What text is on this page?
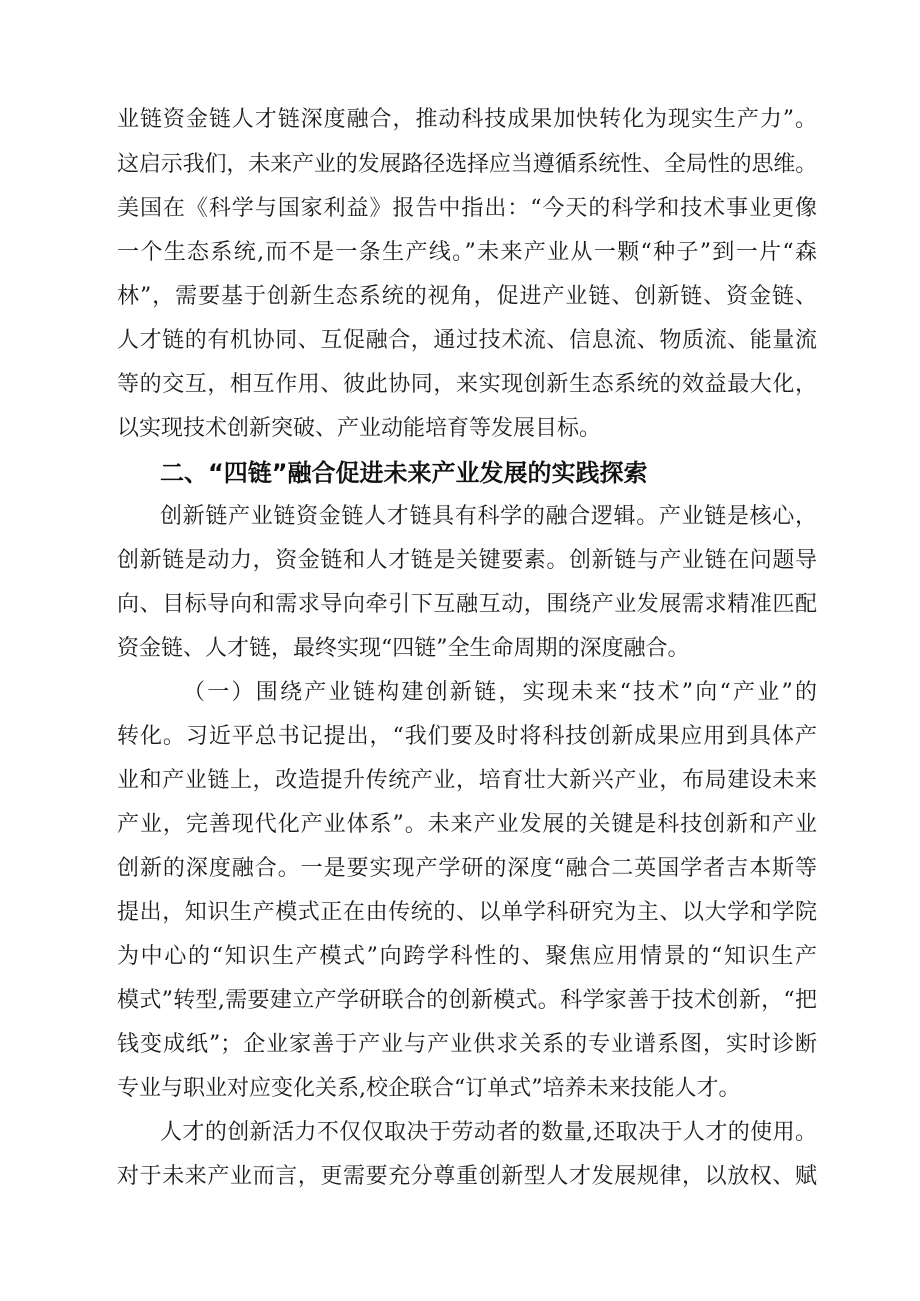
业链资金链人才链深度融合，推动科技成果加快转化为现实生产力”。
这启示我们，未来产业的发展路径选择应当遵循系统性、全局性的思维。
美国在《科学与国家利益》报告中指出：“今天的科学和技术事业更像
一个生态系统,而不是一条生产线。”未来产业从一颗“种子”到一片“森
林”，需要基于创新生态系统的视角，促进产业链、创新链、资金链、
人才链的有机协同、互促融合，通过技术流、信息流、物质流、能量流
等的交互，相互作用、彼此协同，来实现创新生态系统的效益最大化，
以实现技术创新突破、产业动能培育等发展目标。
二、“四链”融合促进未来产业发展的实践探索
创新链产业链资金链人才链具有科学的融合逻辑。产业链是核心，
创新链是动力，资金链和人才链是关键要素。创新链与产业链在问题导
向、目标导向和需求导向牵引下互融互动，围绕产业发展需求精准匹配
资金链、人才链，最终实现“四链”全生命周期的深度融合。
（一）围绕产业链构建创新链，实现未来“技术”向“产业”的
转化。习近平总书记提出，“我们要及时将科技创新成果应用到具体产
业和产业链上，改造提升传统产业，培育壮大新兴产业，布局建设未来
产业，完善现代化产业体系”。未来产业发展的关键是科技创新和产业
创新的深度融合。一是要实现产学研的深度“融合二英国学者吉本斯等
提出，知识生产模式正在由传统的、以单学科研究为主、以大学和学院
为中心的“知识生产模式”向跨学科性的、聚焦应用情景的“知识生产
模式”转型,需要建立产学研联合的创新模式。科学家善于技术创新，“把
钱变成纸”；企业家善于产业与产业供求关系的专业谱系图，实时诊断
专业与职业对应变化关系,校企联合“订单式”培养未来技能人才。
人才的创新活力不仅仅取决于劳动者的数量,还取决于人才的使用。
对于未来产业而言，更需要充分尊重创新型人才发展规律，以放权、赋
